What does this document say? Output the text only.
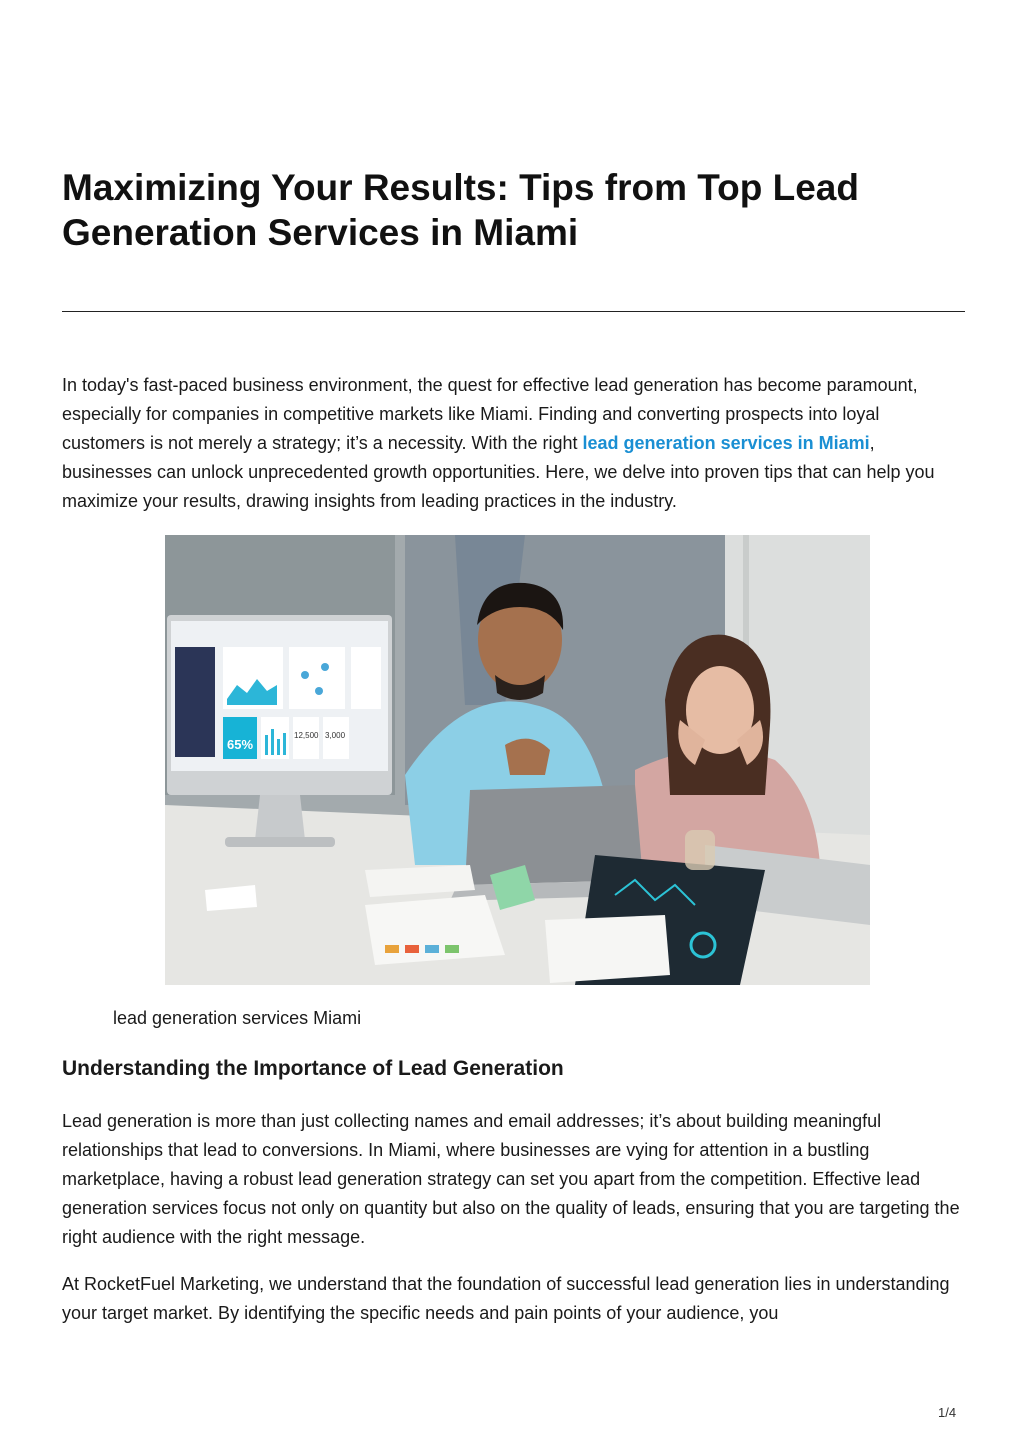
Maximizing Your Results: Tips from Top Lead Generation Services in Miami

In today's fast-paced business environment, the quest for effective lead generation has become paramount, especially for companies in competitive markets like Miami. Finding and converting prospects into loyal customers is not merely a strategy; it’s a necessity. With the right lead generation services in Miami, businesses can unlock unprecedented growth opportunities. Here, we delve into proven tips that can help you maximize your results, drawing insights from leading practices in the industry.

65%
12,500 3,000

lead generation services Miami

Understanding the Importance of Lead Generation

Lead generation is more than just collecting names and email addresses; it’s about building meaningful relationships that lead to conversions. In Miami, where businesses are vying for attention in a bustling marketplace, having a robust lead generation strategy can set you apart from the competition. Effective lead generation services focus not only on quantity but also on the quality of leads, ensuring that you are targeting the right audience with the right message.

At RocketFuel Marketing, we understand that the foundation of successful lead generation lies in understanding your target market. By identifying the specific needs and pain points of your audience, you

1/4
